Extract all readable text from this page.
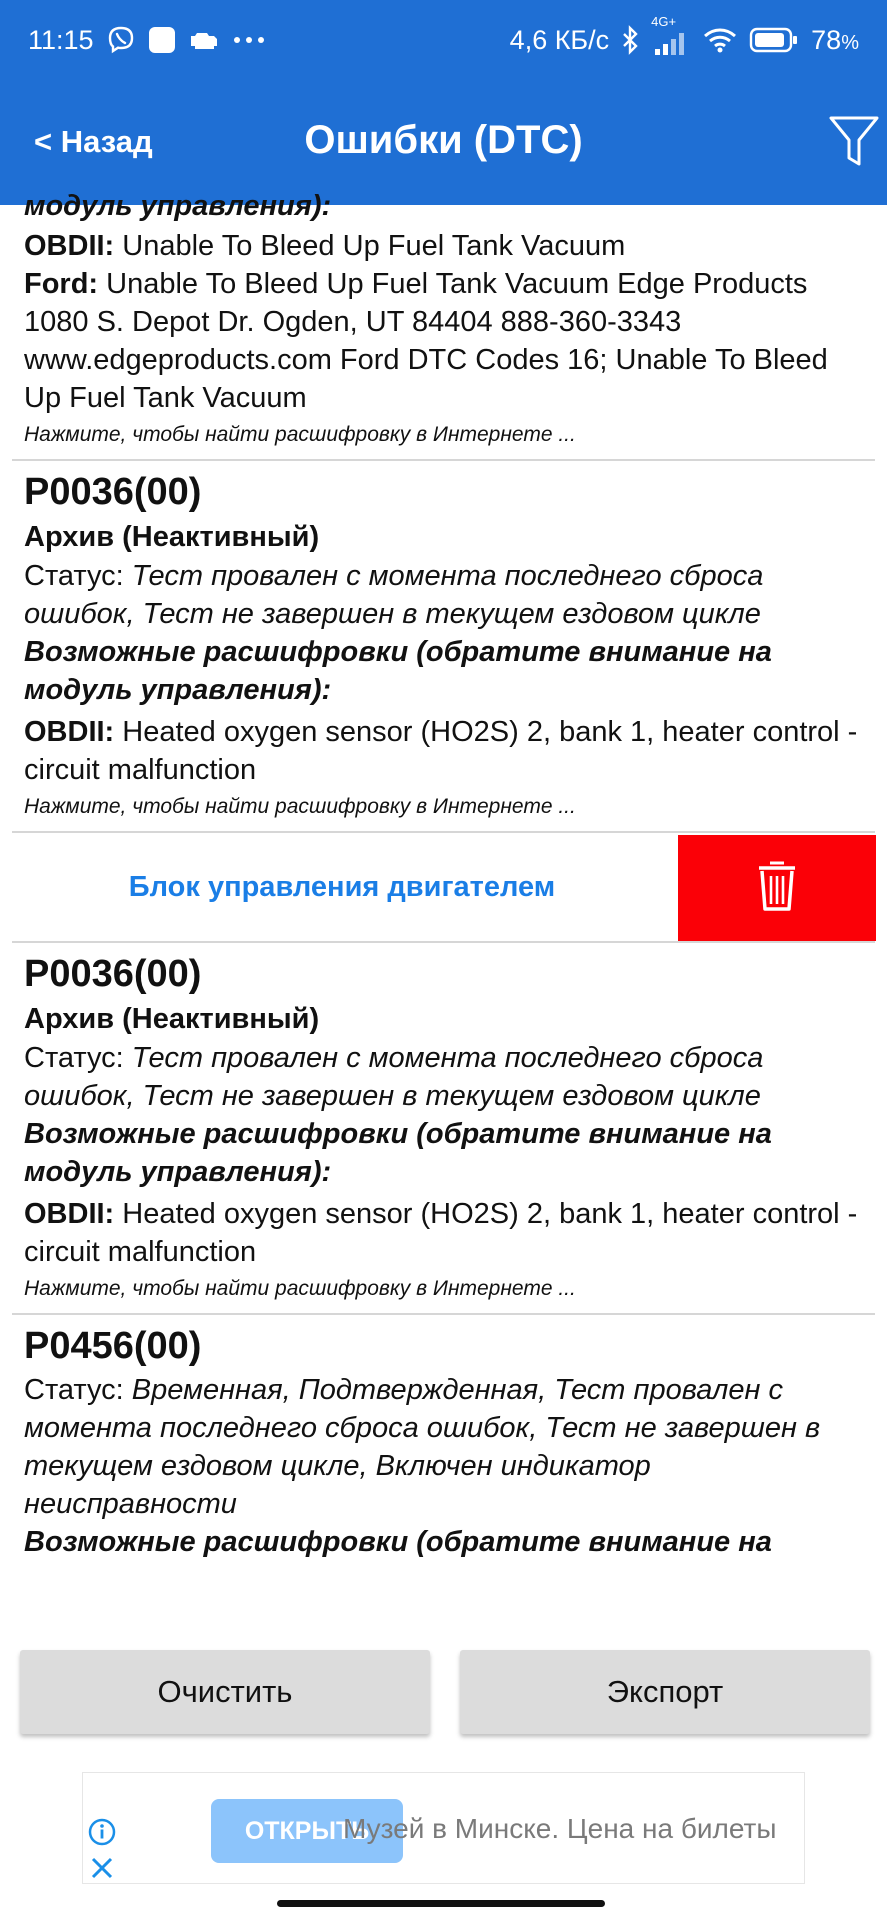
11:15	4,6 КБ/с
4G+
78%
< Назад	Ошибки (DTC)
модуль управления):
OBDII: Unable To Bleed Up Fuel Tank Vacuum
Ford: Unable To Bleed Up Fuel Tank Vacuum Edge Products 1080 S. Depot Dr. Ogden, UT 84404 888-360-3343 www.edgeproducts.com Ford DTC Codes 16; Unable To Bleed Up Fuel Tank Vacuum
Нажмите, чтобы найти расшифровку в Интернете ...
P0036(00)
Архив (Неактивный)
Статус: Тест провален с момента последнего сброса ошибок, Тест не завершен в текущем ездовом цикле
Возможные расшифровки (обратите внимание на модуль управления):
OBDII: Heated oxygen sensor (HO2S) 2, bank 1, heater control - circuit malfunction
Нажмите, чтобы найти расшифровку в Интернете ...
Блок управления двигателем
P0036(00)
Архив (Неактивный)
Статус: Тест провален с момента последнего сброса ошибок, Тест не завершен в текущем ездовом цикле
Возможные расшифровки (обратите внимание на модуль управления):
OBDII: Heated oxygen sensor (HO2S) 2, bank 1, heater control - circuit malfunction
Нажмите, чтобы найти расшифровку в Интернете ...
P0456(00)
Статус: Временная, Подтвержденная, Тест провален с момента последнего сброса ошибок, Тест не завершен в текущем ездовом цикле, Включен индикатор неисправности
Возможные расшифровки (обратите внимание на
Очистить	Экспорт
ОТКРЫТЬ
Музей в Минске. Цена на билеты
